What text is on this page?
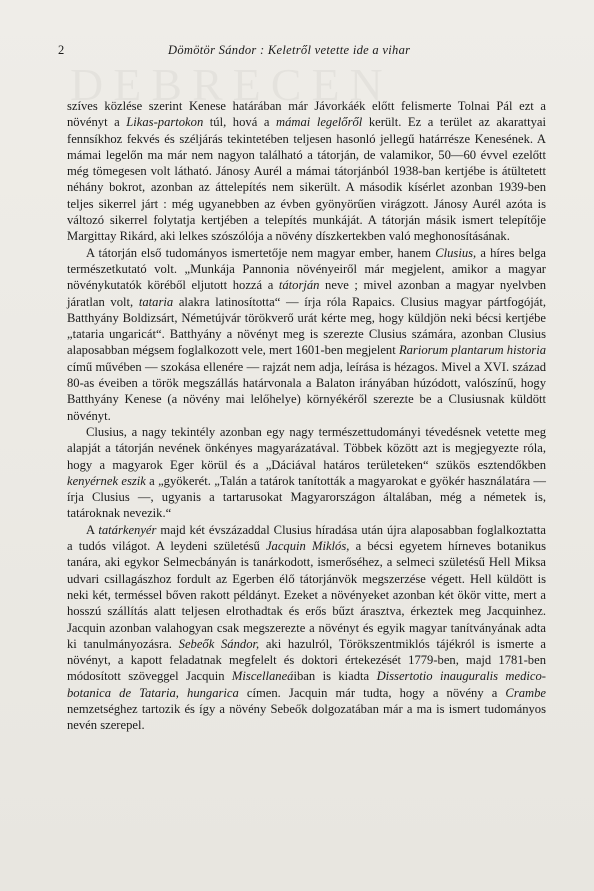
2	Dömötör Sándor : Keletről vetette ide a vihar

szíves közlése szerint Kenese határában már Jávorkáék előtt felismerte Tolnai Pál ezt a növényt a Likas-partokon túl, hová a mámai legelőről került. Ez a terület az akarattyai fennsíkhoz fekvés és széljárás tekintetében teljesen hasonló jellegű határrésze Kenesének. A mámai legelőn ma már nem nagyon található a tátorján, de valamikor, 50—60 évvel ezelőtt még tömegesen volt látható. Jánosy Aurél a mámai tátorjánból 1938-ban kertjébe is átültetett néhány bokrot, azonban az áttelepítés nem sikerült. A második kísérlet azonban 1939-ben teljes sikerrel járt : még ugyanebben az évben gyönyörűen virágzott. Jánosy Aurél azóta is változó sikerrel folytatja kertjében a telepítés munkáját. A tátorján másik ismert telepítője Margittay Rikárd, aki lelkes szószólója a növény díszkertekben való meghonosításának.

A tátorján első tudományos ismertetője nem magyar ember, hanem Clusius, a híres belga természetkutató volt. „Munkája Pannonia növényeiről már megjelent, amikor a magyar növénykutatók köréből eljutott hozzá a tátorján neve ; mivel azonban a magyar nyelvben járatlan volt, tataria alakra latinosította“ — írja róla Rapaics. Clusius magyar pártfogóját, Batthyány Boldizsárt, Németújvár törökverő urát kérte meg, hogy küldjön neki bécsi kertjébe „tataria ungaricát“. Batthyány a növényt meg is szerezte Clusius számára, azonban Clusius alaposabban mégsem foglalkozott vele, mert 1601-ben megjelent Rariorum plantarum historia című művében — szokása ellenére — rajzát nem adja, leírása is hézagos. Mivel a XVI. század 80-as éveiben a török megszállás határvonala a Balaton irányában húzódott, valószínű, hogy Batthyány Kenese (a növény mai lelőhelye) környékéről szerezte be a Clusiusnak küldött növényt.

Clusius, a nagy tekintély azonban egy nagy természettudományi tévedésnek vetette meg alapját a tátorján nevének önkényes magyarázatával. Többek között azt is megjegyezte róla, hogy a magyarok Eger körül és a „Dáciával határos területeken“ szükös esztendőkben kenyérnek eszik a „gyökerét. „Talán a tatárok tanították a magyarokat e gyökér használatára — írja Clusius —, ugyanis a tartarusokat Magyarországon általában, még a németek is, tatároknak nevezik.“

A tatárkenyér majd két évszázaddal Clusius híradása után újra alaposabban foglalkoztatta a tudós világot. A leydeni születésű Jacquin Miklós, a bécsi egyetem hírneves botanikus tanára, aki egykor Selmecbányán is tanárkodott, ismerőséhez, a selmeci születésű Hell Miksa udvari csillagászhoz fordult az Egerben élő tátorjánvök megszerzése végett. Hell küldött is neki két, terméssel bőven rakott példányt. Ezeket a növényeket azonban két ökör vitte, mert a hosszú szállítás alatt teljesen elrothadtak és erős bűzt árasztva, érkeztek meg Jacquinhez. Jacquin azonban valahogyan csak megszerezte a növényt és egyik magyar tanítványának adta ki tanulmányozásra. Sebeők Sándor, aki hazulról, Törökszentmiklós tájékról is ismerte a növényt, a kapott feladatnak megfelelt és doktori értekezését 1779-ben, majd 1781-ben módosított szöveggel Jacquin Miscellaneáiban is kiadta Dissertotio inauguralis medico-botanica de Tataria, hungarica címen. Jacquin már tudta, hogy a növény a Crambe nemzetséghez tartozik és így a növény Sebeők dolgozatában már a ma is ismert tudományos nevén szerepel.
